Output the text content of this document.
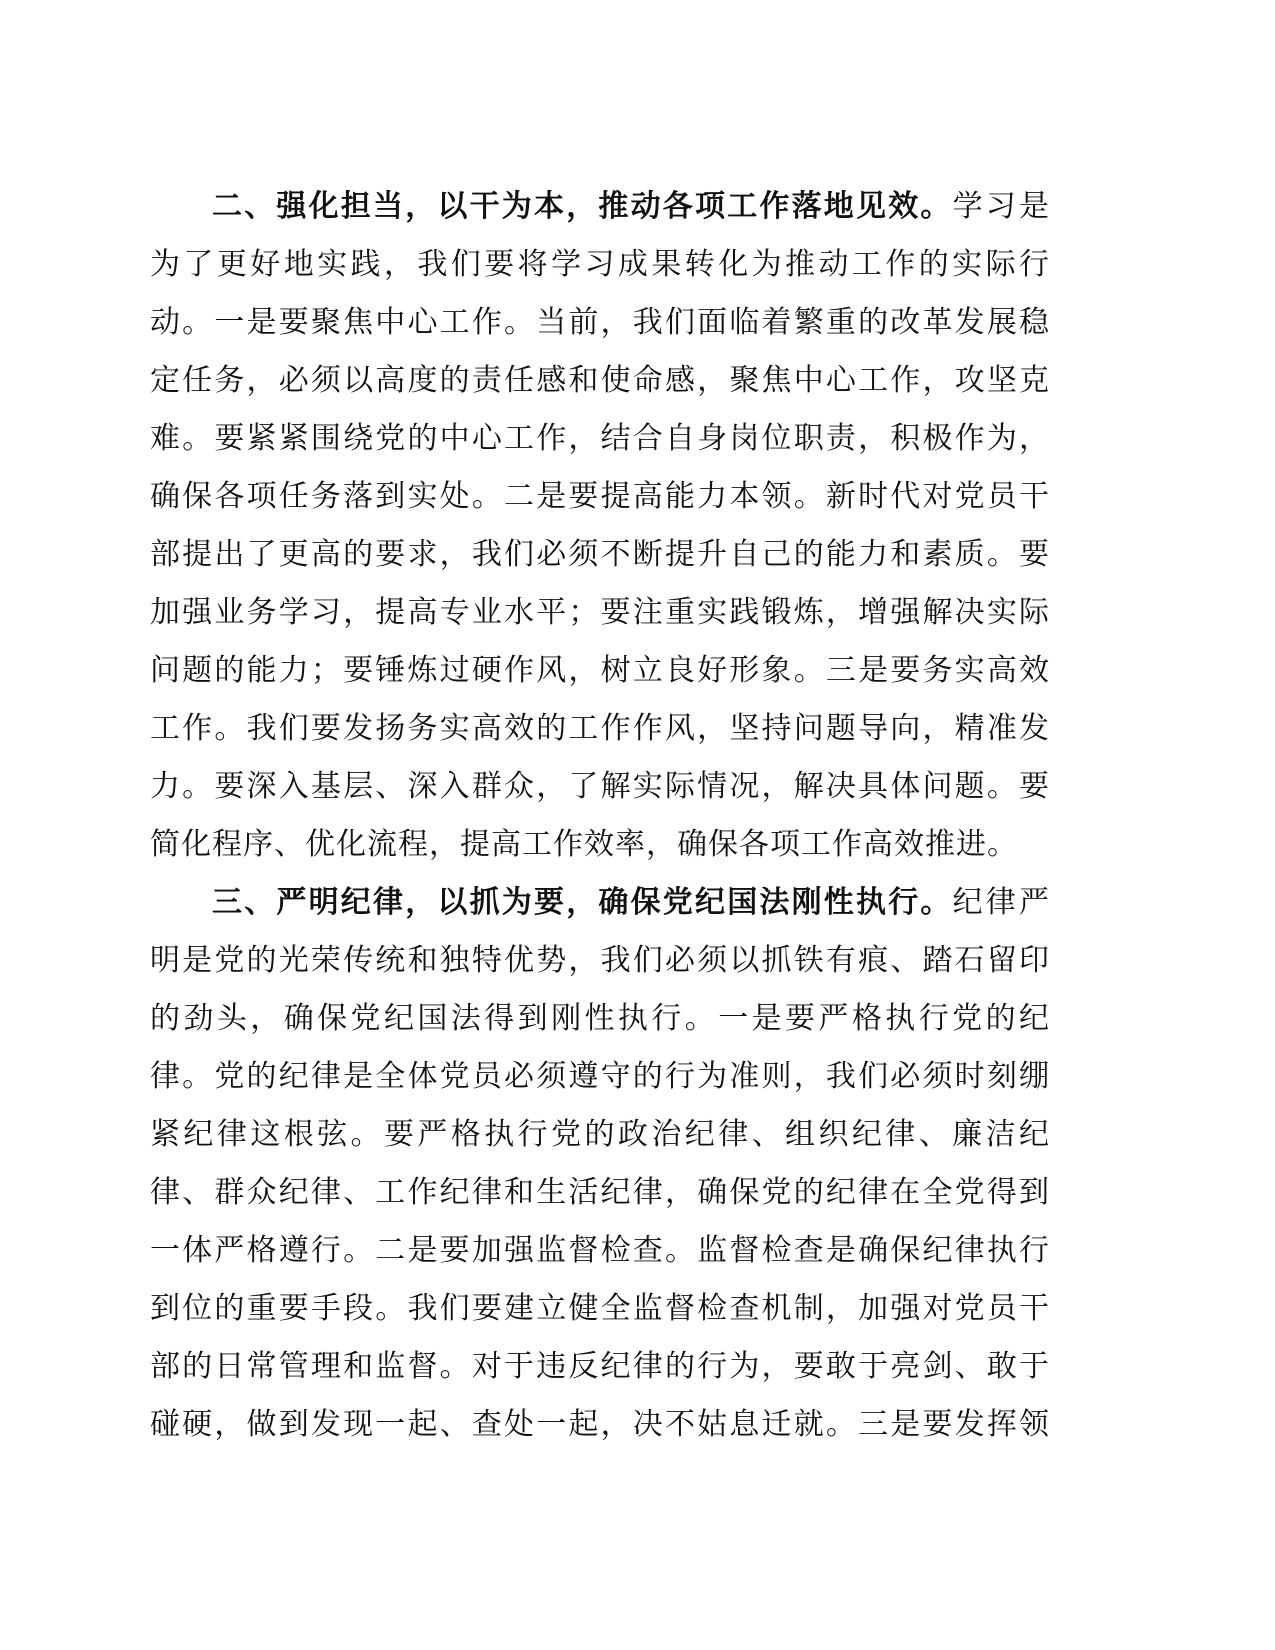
二、强化担当，以干为本，推动各项工作落地见效。学习是
为了更好地实践，我们要将学习成果转化为推动工作的实际行
动。一是要聚焦中心工作。当前，我们面临着繁重的改革发展稳
定任务，必须以高度的责任感和使命感，聚焦中心工作，攻坚克
难。要紧紧围绕党的中心工作，结合自身岗位职责，积极作为，
确保各项任务落到实处。二是要提高能力本领。新时代对党员干
部提出了更高的要求，我们必须不断提升自己的能力和素质。要
加强业务学习，提高专业水平；要注重实践锻炼，增强解决实际
问题的能力；要锤炼过硬作风，树立良好形象。三是要务实高效
工作。我们要发扬务实高效的工作作风，坚持问题导向，精准发
力。要深入基层、深入群众，了解实际情况，解决具体问题。要
简化程序、优化流程，提高工作效率，确保各项工作高效推进。
三、严明纪律，以抓为要，确保党纪国法刚性执行。纪律严
明是党的光荣传统和独特优势，我们必须以抓铁有痕、踏石留印
的劲头，确保党纪国法得到刚性执行。一是要严格执行党的纪
律。党的纪律是全体党员必须遵守的行为准则，我们必须时刻绷
紧纪律这根弦。要严格执行党的政治纪律、组织纪律、廉洁纪
律、群众纪律、工作纪律和生活纪律，确保党的纪律在全党得到
一体严格遵行。二是要加强监督检查。监督检查是确保纪律执行
到位的重要手段。我们要建立健全监督检查机制，加强对党员干
部的日常管理和监督。对于违反纪律的行为，要敢于亮剑、敢于
碰硬，做到发现一起、查处一起，决不姑息迁就。三是要发挥领
